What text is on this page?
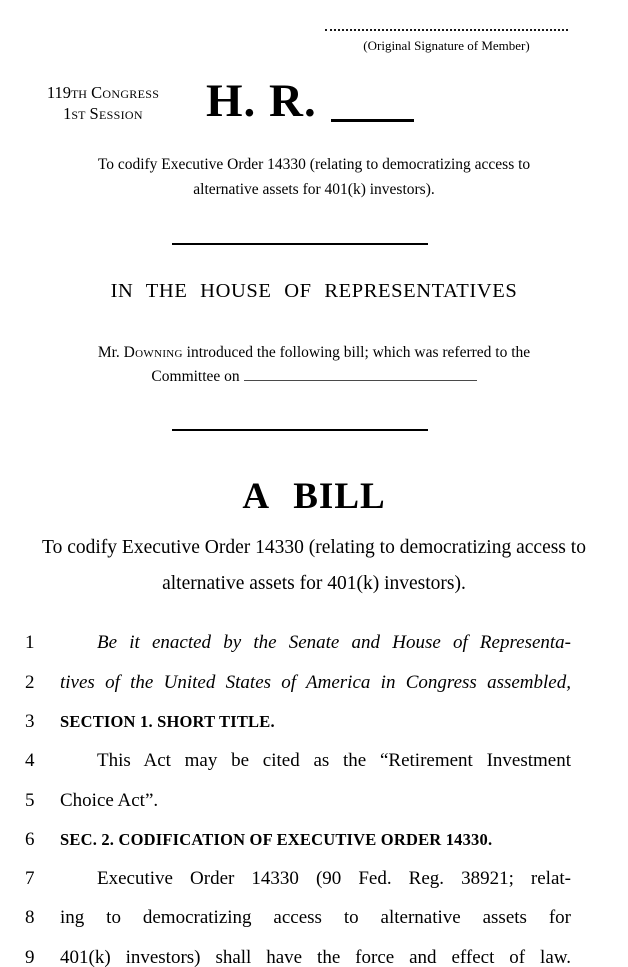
(Original Signature of Member)
119TH Congress
1ST Session	H. R.
To codify Executive Order 14330 (relating to democratizing access to alternative assets for 401(k) investors).
IN THE HOUSE OF REPRESENTATIVES
Mr. Downing introduced the following bill; which was referred to the
Committee on
A BILL
To codify Executive Order 14330 (relating to democratizing access to alternative assets for 401(k) investors).
1	Be it enacted by the Senate and House of Representa-
2	tives of the United States of America in Congress assembled,
3	SECTION 1. SHORT TITLE.
4	This Act may be cited as the “Retirement Investment
5	Choice Act”.
6	SEC. 2. CODIFICATION OF EXECUTIVE ORDER 14330.
7	Executive Order 14330 (90 Fed. Reg. 38921; relat-
8	ing to democratizing access to alternative assets for
9	401(k) investors) shall have the force and effect of law.
